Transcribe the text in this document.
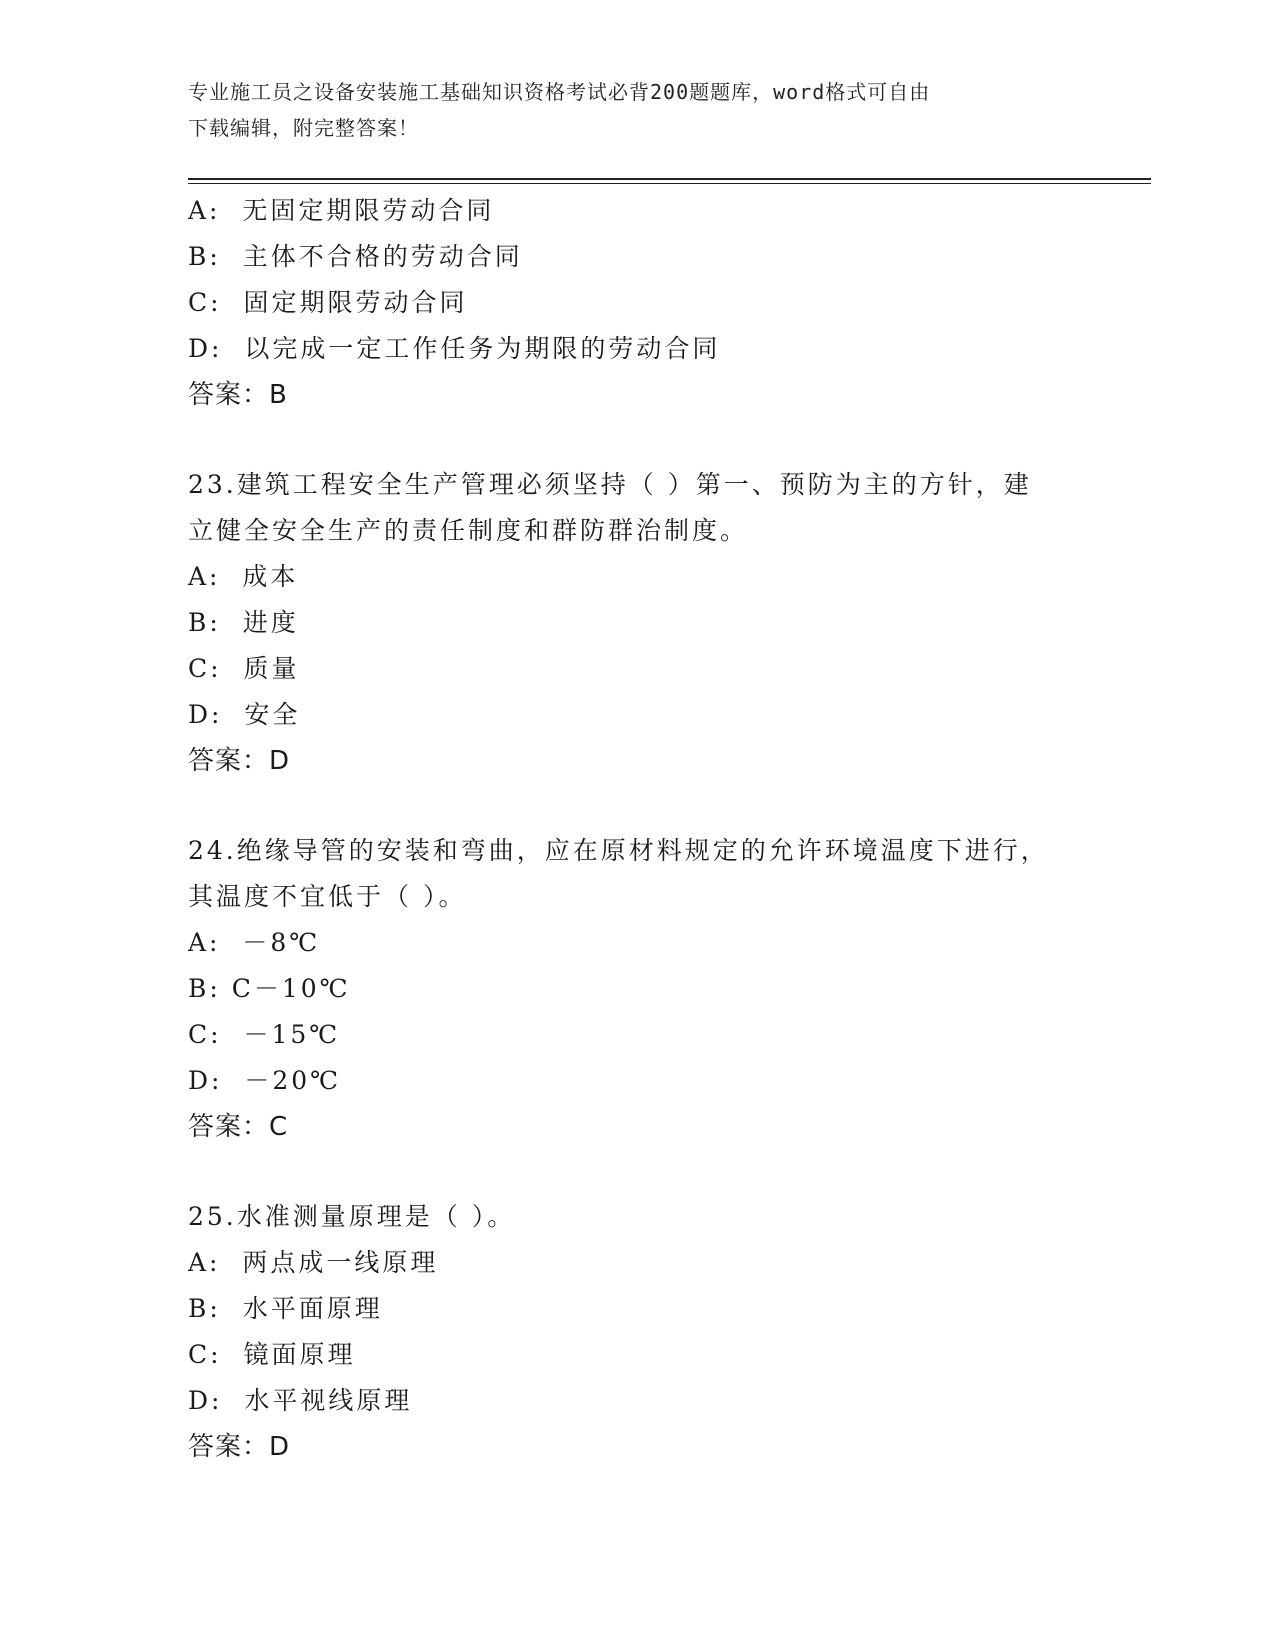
专业施工员之设备安装施工基础知识资格考试必背200题题库，word格式可自由
下载编辑，附完整答案！

A:  无固定期限劳动合同

B:  主体不合格的劳动合同

C:  固定期限劳动合同

D:  以完成一定工作任务为期限的劳动合同

答案：B

23.建筑工程安全生产管理必须坚持（ ）第一、预防为主的方针，建

立健全安全生产的责任制度和群防群治制度。

A:  成本

B:  进度

C:  质量

D:  安全

答案：D

24.绝缘导管的安装和弯曲，应在原材料规定的允许环境温度下进行，

其温度不宜低于（ ）。

A:  －8℃

B: C－10℃

C:  －15℃

D:  －20℃

答案：C

25.水准测量原理是（ ）。

A:  两点成一线原理

B:  水平面原理

C:  镜面原理

D:  水平视线原理

答案：D
